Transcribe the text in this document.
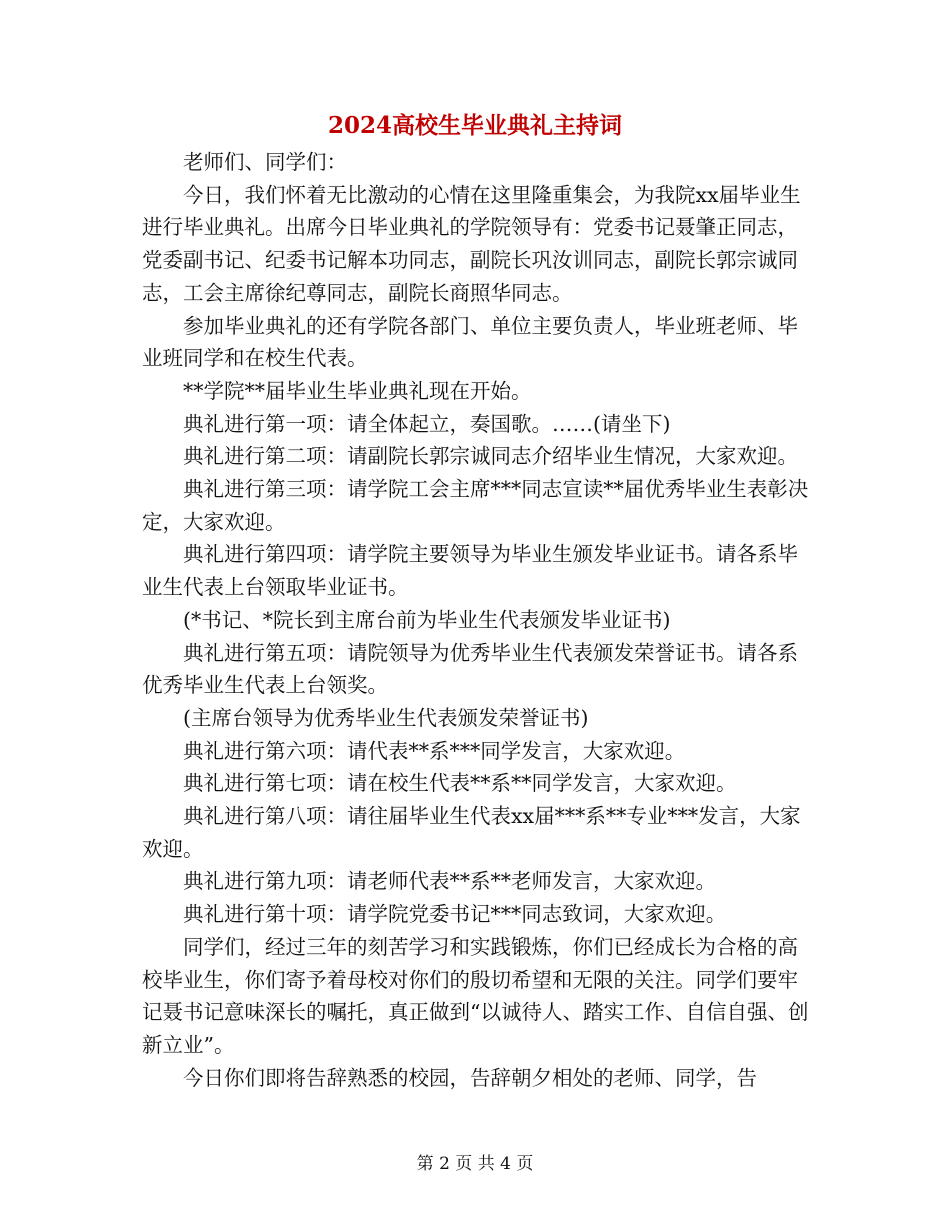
2024高校生毕业典礼主持词

老师们、同学们：

今日，我们怀着无比激动的心情在这里隆重集会，为我院xx届毕业生进行毕业典礼。出席今日毕业典礼的学院领导有：党委书记聂肇正同志，党委副书记、纪委书记解本功同志，副院长巩汝训同志，副院长郭宗诚同志，工会主席徐纪尊同志，副院长商照华同志。

参加毕业典礼的还有学院各部门、单位主要负责人，毕业班老师、毕业班同学和在校生代表。

**学院**届毕业生毕业典礼现在开始。

典礼进行第一项：请全体起立，奏国歌。……(请坐下)

典礼进行第二项：请副院长郭宗诚同志介绍毕业生情况，大家欢迎。

典礼进行第三项：请学院工会主席***同志宣读**届优秀毕业生表彰决定，大家欢迎。

典礼进行第四项：请学院主要领导为毕业生颁发毕业证书。请各系毕业生代表上台领取毕业证书。

(*书记、*院长到主席台前为毕业生代表颁发毕业证书)

典礼进行第五项：请院领导为优秀毕业生代表颁发荣誉证书。请各系优秀毕业生代表上台领奖。

(主席台领导为优秀毕业生代表颁发荣誉证书)

典礼进行第六项：请代表**系***同学发言，大家欢迎。

典礼进行第七项：请在校生代表**系**同学发言，大家欢迎。

典礼进行第八项：请往届毕业生代表xx届***系**专业***发言，大家欢迎。

典礼进行第九项：请老师代表**系**老师发言，大家欢迎。

典礼进行第十项：请学院党委书记***同志致词，大家欢迎。

同学们，经过三年的刻苦学习和实践锻炼，你们已经成长为合格的高校毕业生，你们寄予着母校对你们的殷切希望和无限的关注。同学们要牢记聂书记意味深长的嘱托，真正做到“以诚待人、踏实工作、自信自强、创新立业”。

今日你们即将告辞熟悉的校园，告辞朝夕相处的老师、同学，告

第 2 页 共 4 页
